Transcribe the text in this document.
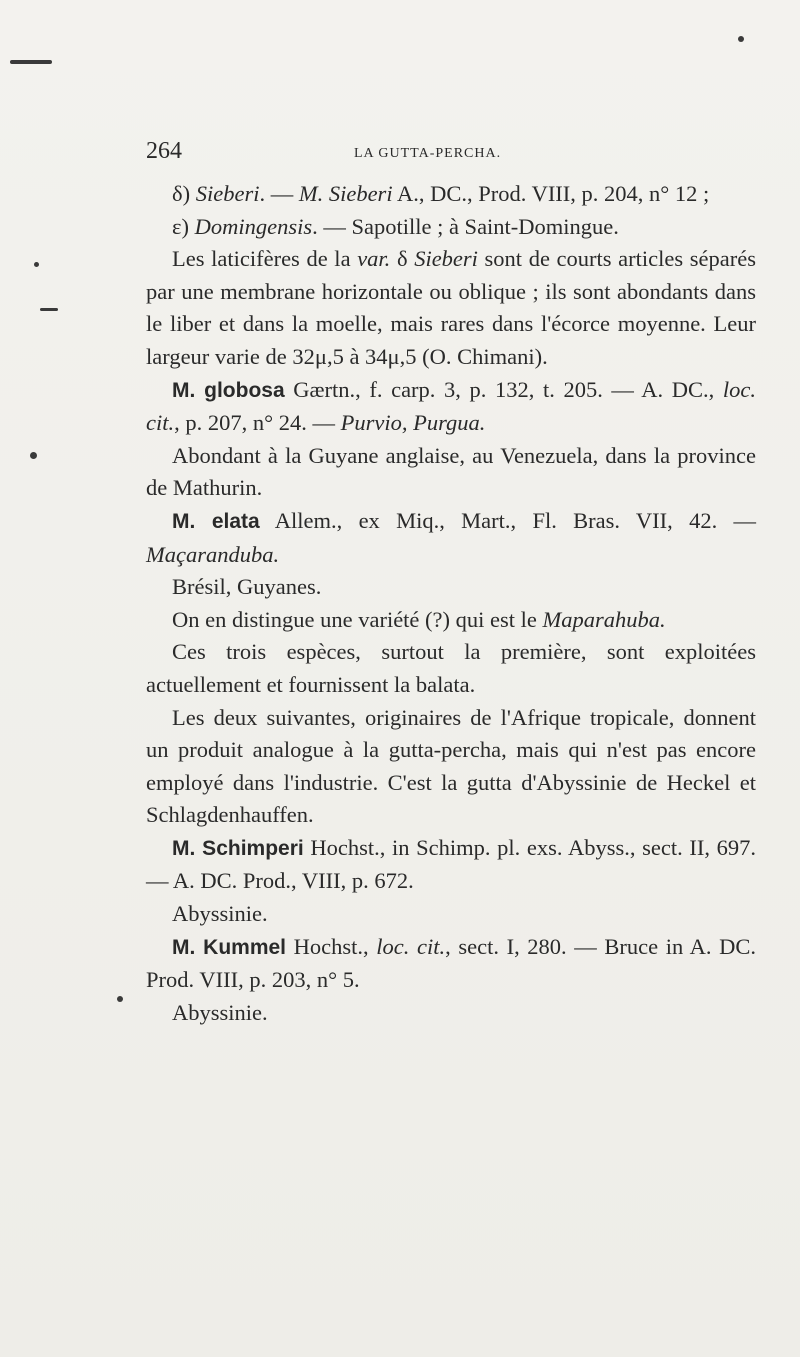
264	LA GUTTA-PERCHA.

δ) Sieberi. — M. Sieberi A., DC., Prod. VIII, p. 204, n° 12 ;

ε) Domingensis. — Sapotille ; à Saint-Domingue.

Les laticifères de la var. δ Sieberi sont de courts articles séparés par une membrane horizontale ou oblique ; ils sont abondants dans le liber et dans la moelle, mais rares dans l'écorce moyenne. Leur largeur varie de 32μ,5 à 34μ,5 (O. Chimani).

M. globosa Gærtn., f. carp. 3, p. 132, t. 205. — A. DC., loc. cit., p. 207, n° 24. — Purvio, Purgua.

Abondant à la Guyane anglaise, au Venezuela, dans la province de Mathurin.

M. elata Allem., ex Miq., Mart., Fl. Bras. VII, 42. — Maçaranduba.

Brésil, Guyanes.

On en distingue une variété (?) qui est le Maparahuba.

Ces trois espèces, surtout la première, sont exploitées actuellement et fournissent la balata.

Les deux suivantes, originaires de l'Afrique tropicale, donnent un produit analogue à la gutta-percha, mais qui n'est pas encore employé dans l'industrie. C'est la gutta d'Abyssinie de Heckel et Schlagdenhauffen.

M. Schimperi Hochst., in Schimp. pl. exs. Abyss., sect. II, 697. — A. DC. Prod., VIII, p. 672.

Abyssinie.

M. Kummel Hochst., loc. cit., sect. I, 280. — Bruce in A. DC. Prod. VIII, p. 203, n° 5.

Abyssinie.
